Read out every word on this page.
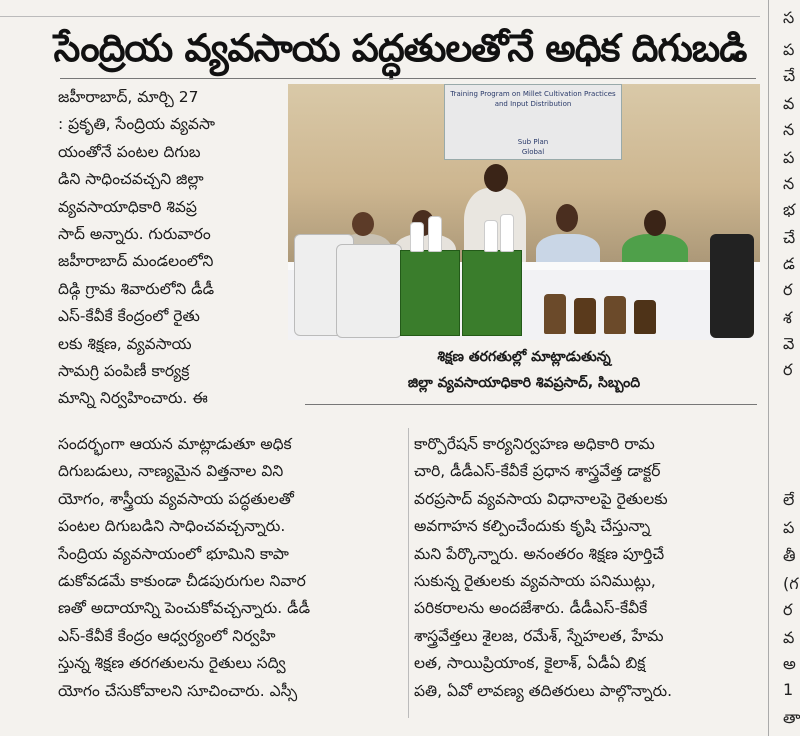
సేంద్రియ వ్యవసాయ పద్ధతులతోనే అధిక దిగుబడి

జహీరాబాద్, మార్చి 27

: ప్రకృతి, సేంద్రియ వ్యవసా

యంతోనే పంటల దిగుబ

డిని సాధించవచ్చని జిల్లా

వ్యవసాయాధికారి శివప్ర

సాద్ అన్నారు. గురువారం

జహీరాబాద్ మండలంలోని

దిడ్గి గ్రామ శివారులోని డీడీ

ఎస్-కేవీకే కేంద్రంలో రైతు

లకు శిక్షణ, వ్యవసాయ

సామగ్రి పంపిణీ కార్యక్ర

మాన్ని నిర్వహించారు. ఈ

Training Program on Millet Cultivation Practices
and Input Distribution
Sub Plan
Global
శిక్షణ తరగతుల్లో మాట్లాడుతున్న
జిల్లా వ్యవసాయాధికారి శివప్రసాద్, సిబ్బంది

సందర్భంగా ఆయన మాట్లాడుతూ అధిక

దిగుబడులు, నాణ్యమైన విత్తనాల విని

యోగం, శాస్త్రీయ వ్యవసాయ పద్ధతులతో

పంటల దిగుబడిని సాధించవచ్చన్నారు.

సేంద్రియ వ్యవసాయంలో భూమిని కాపా

డుకోవడమే కాకుండా చీడపురుగుల నివార

ణతో అదాయాన్ని పెంచుకోవచ్చన్నారు. డీడీ

ఎస్-కేవీకే కేంద్రం ఆధ్వర్యంలో నిర్వహి

స్తున్న శిక్షణ తరగతులను రైతులు సద్వి

యోగం చేసుకోవాలని సూచించారు. ఎస్సీ

కార్పొరేషన్ కార్యనిర్వహణ అధికారి రామ

చారి, డీడీఎస్-కేవీకే ప్రధాన శాస్త్రవేత్త డాక్టర్

వరప్రసాద్ వ్యవసాయ విధానాలపై రైతులకు

అవగాహన కల్పించేందుకు కృషి చేస్తున్నా

మని పేర్కొన్నారు. అనంతరం శిక్షణ పూర్తిచే

సుకున్న రైతులకు వ్యవసాయ పనిముట్లు,

పరికరాలను అందజేశారు. డీడీఎస్-కేవీకే

శాస్త్రవేత్తలు శైలజ, రమేశ్, స్నేహలత, హేమ

లత, సాయిప్రియాంక, కైలాశ్, ఏడీఏ బిక్ష

పతి, ఏవో లావణ్య తదితరులు పాల్గొన్నారు.

స
ప
చే
వ
న
ప
న
భ
చే
డ
ర
శ
వె
ర
లే
ప
తీ
(గ
ర
వ
అ
1
తా
